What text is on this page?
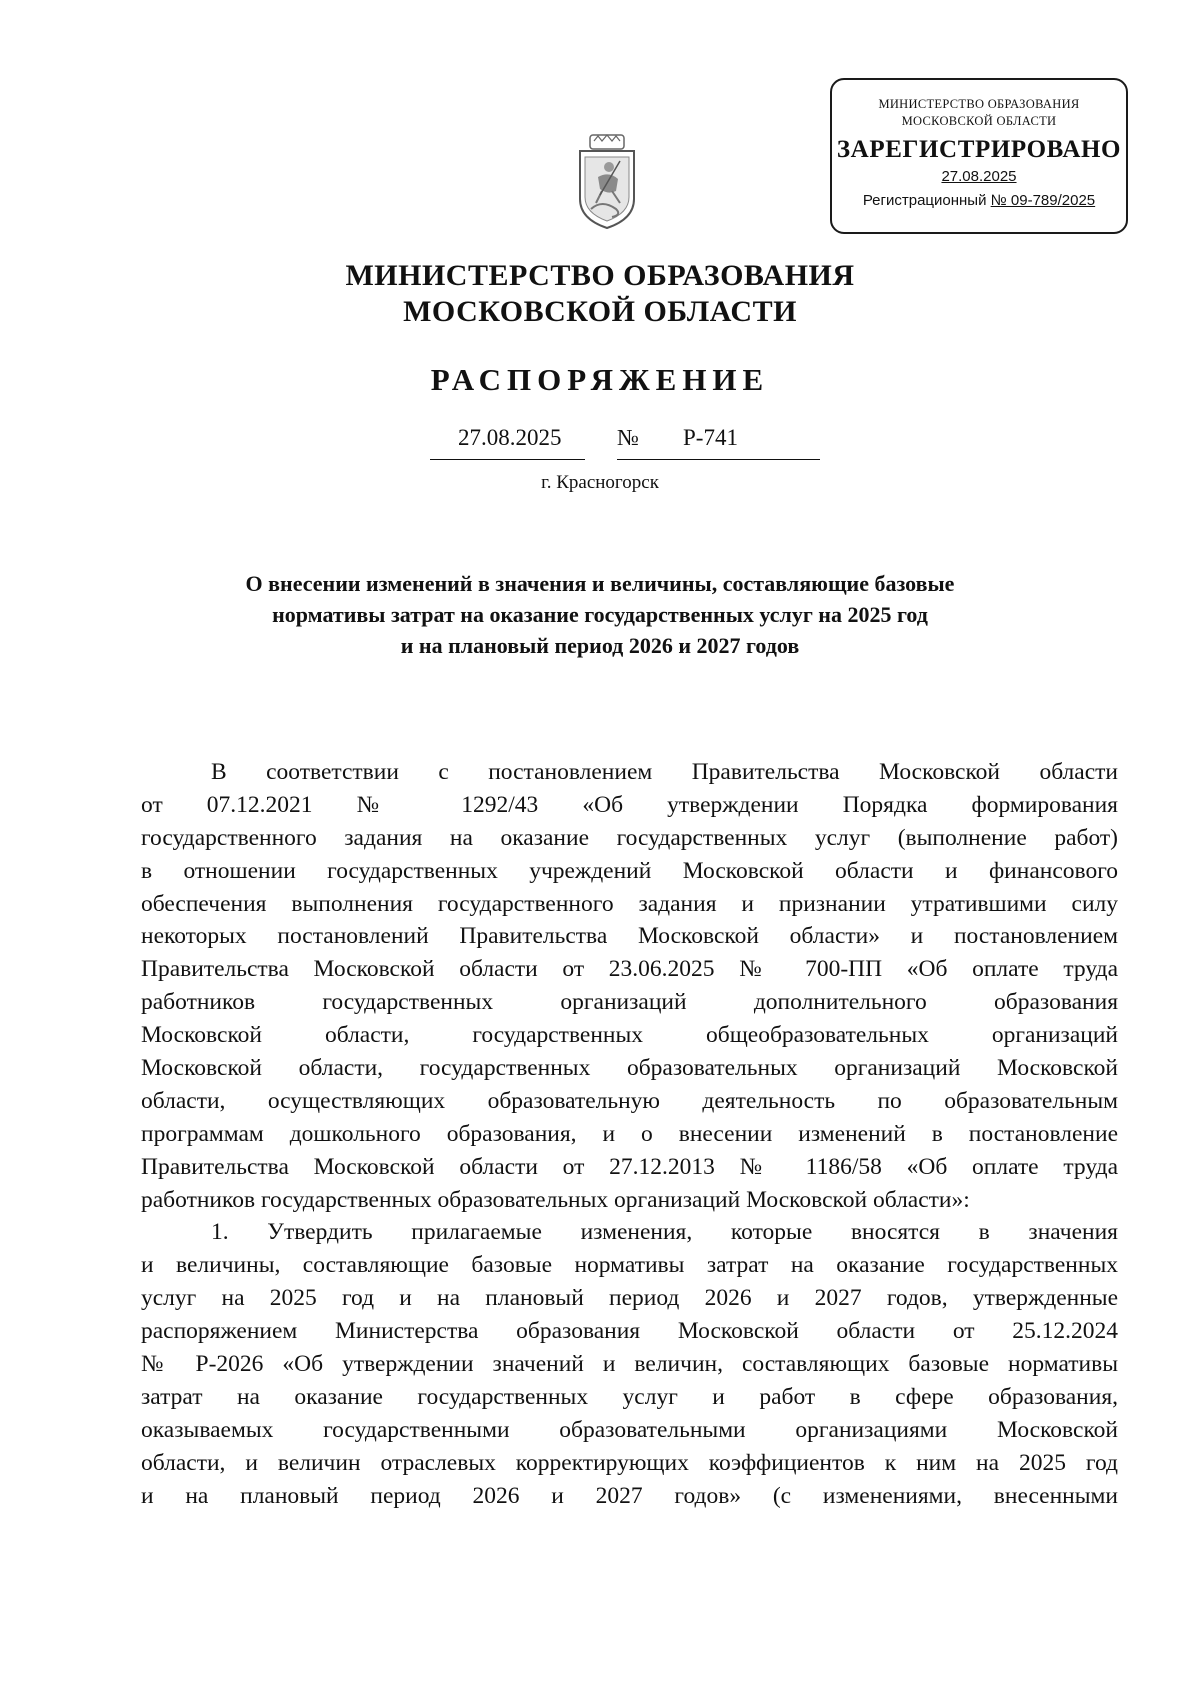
МИНИСТЕРСТВО ОБРАЗОВАНИЯ
МОСКОВСКОЙ ОБЛАСТИ
ЗАРЕГИСТРИРОВАНО
27.08.2025
Регистрационный № 09-789/2025
МИНИСТЕРСТВО ОБРАЗОВАНИЯ
МОСКОВСКОЙ ОБЛАСТИ
РАСПОРЯЖЕНИЕ
27.08.2025 № Р-741
г. Красногорск
О внесении изменений в значения и величины, составляющие базовые
нормативы затрат на оказание государственных услуг на 2025 год
и на плановый период 2026 и 2027 годов
В соответствии с постановлением Правительства Московской области
от 07.12.2021 № 1292/43 «Об утверждении Порядка формирования
государственного задания на оказание государственных услуг (выполнение работ)
в отношении государственных учреждений Московской области и финансового
обеспечения выполнения государственного задания и признании утратившими силу
некоторых постановлений Правительства Московской области» и постановлением
Правительства Московской области от 23.06.2025 № 700-ПП «Об оплате труда
работников государственных организаций дополнительного образования
Московской области, государственных общеобразовательных организаций
Московской области, государственных образовательных организаций Московской
области, осуществляющих образовательную деятельность по образовательным
программам дошкольного образования, и о внесении изменений в постановление
Правительства Московской области от 27.12.2013 № 1186/58 «Об оплате труда
работников государственных образовательных организаций Московской области»:
1. Утвердить прилагаемые изменения, которые вносятся в значения
и величины, составляющие базовые нормативы затрат на оказание государственных
услуг на 2025 год и на плановый период 2026 и 2027 годов, утвержденные
распоряжением Министерства образования Московской области от 25.12.2024
№ Р-2026 «Об утверждении значений и величин, составляющих базовые нормативы
затрат на оказание государственных услуг и работ в сфере образования,
оказываемых государственными образовательными организациями Московской
области, и величин отраслевых корректирующих коэффициентов к ним на 2025 год
и на плановый период 2026 и 2027 годов» (с изменениями, внесенными
